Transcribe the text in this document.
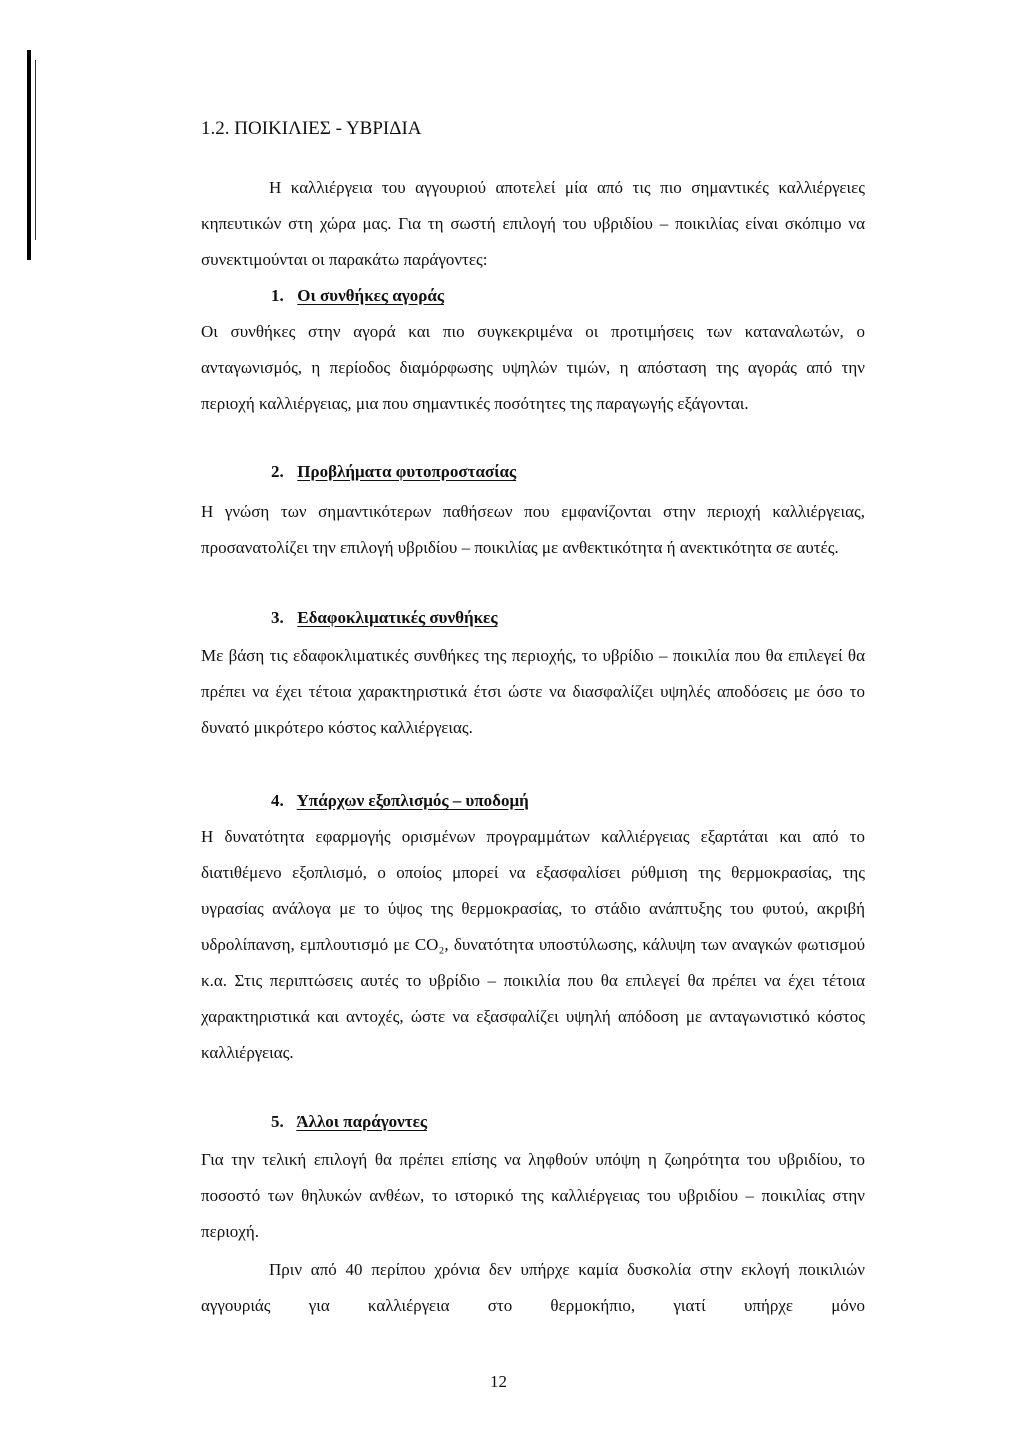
1.2. ΠΟΙΚΙΛΙΕΣ - ΥΒΡΙΔΙΑ

Η καλλιέργεια του αγγουριού αποτελεί μία από τις πιο σημαντικές καλλιέργειες κηπευτικών στη χώρα μας. Για τη σωστή επιλογή του υβριδίου – ποικιλίας είναι σκόπιμο να συνεκτιμούνται οι παρακάτω παράγοντες:

1. Οι συνθήκες αγοράς

Οι συνθήκες στην αγορά και πιο συγκεκριμένα οι προτιμήσεις των καταναλωτών, ο ανταγωνισμός, η περίοδος διαμόρφωσης υψηλών τιμών, η απόσταση της αγοράς από την περιοχή καλλιέργειας, μια που σημαντικές ποσότητες της παραγωγής εξάγονται.

2. Προβλήματα φυτοπροστασίας

Η γνώση των σημαντικότερων παθήσεων που εμφανίζονται στην περιοχή καλλιέργειας, προσανατολίζει την επιλογή υβριδίου – ποικιλίας με ανθεκτικότητα ή ανεκτικότητα σε αυτές.

3. Εδαφοκλιματικές συνθήκες

Με βάση τις εδαφοκλιματικές συνθήκες της περιοχής, το υβρίδιο – ποικιλία που θα επιλεγεί θα πρέπει να έχει τέτοια χαρακτηριστικά έτσι ώστε να διασφαλίζει υψηλές αποδόσεις με όσο το δυνατό μικρότερο κόστος καλλιέργειας.

4. Υπάρχων εξοπλισμός – υποδομή

Η δυνατότητα εφαρμογής ορισμένων προγραμμάτων καλλιέργειας εξαρτάται και από το διατιθέμενο εξοπλισμό, ο οποίος μπορεί να εξασφαλίσει ρύθμιση της θερμοκρασίας, της υγρασίας ανάλογα με το ύψος της θερμοκρασίας, το στάδιο ανάπτυξης του φυτού, ακριβή υδρολίπανση, εμπλουτισμό με CO₂, δυνατότητα υποστύλωσης, κάλυψη των αναγκών φωτισμού κ.α. Στις περιπτώσεις αυτές το υβρίδιο – ποικιλία που θα επιλεγεί θα πρέπει να έχει τέτοια χαρακτηριστικά και αντοχές, ώστε να εξασφαλίζει υψηλή απόδοση με ανταγωνιστικό κόστος καλλιέργειας.

5. Άλλοι παράγοντες

Για την τελική επιλογή θα πρέπει επίσης να ληφθούν υπόψη η ζωηρότητα του υβριδίου, το ποσοστό των θηλυκών ανθέων, το ιστορικό της καλλιέργειας του υβριδίου – ποικιλίας στην περιοχή.

Πριν από 40 περίπου χρόνια δεν υπήρχε καμία δυσκολία στην εκλογή ποικιλιών αγγουριάς για καλλιέργεια στο θερμοκήπιο, γιατί υπήρχε μόνο

12
